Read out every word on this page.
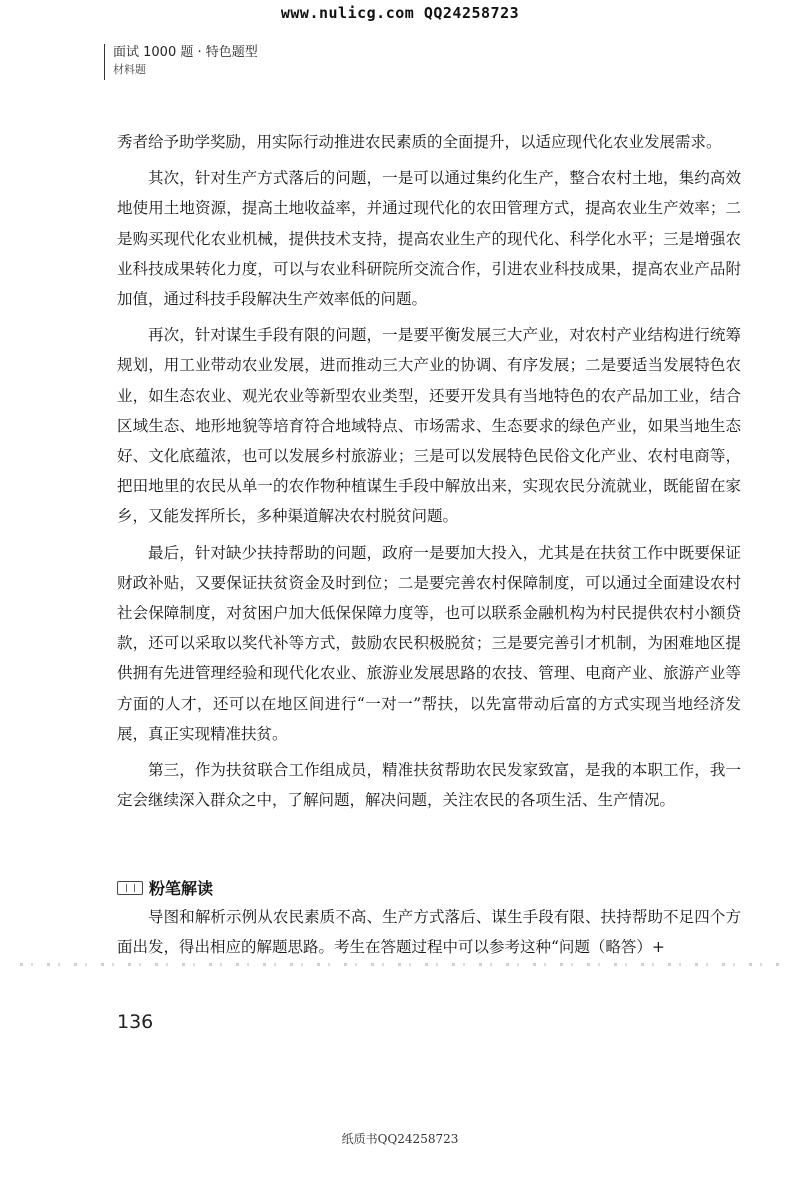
www.nulicg.com QQ24258723
面试 1000 题 · 特色题型
材料题

秀者给予助学奖励，用实际行动推进农民素质的全面提升，以适应现代化农业发展需求。

其次，针对生产方式落后的问题，一是可以通过集约化生产，整合农村土地，集约高效地使用土地资源，提高土地收益率，并通过现代化的农田管理方式，提高农业生产效率；二是购买现代化农业机械，提供技术支持，提高农业生产的现代化、科学化水平；三是增强农业科技成果转化力度，可以与农业科研院所交流合作，引进农业科技成果，提高农业产品附加值，通过科技手段解决生产效率低的问题。

再次，针对谋生手段有限的问题，一是要平衡发展三大产业，对农村产业结构进行统筹规划，用工业带动农业发展，进而推动三大产业的协调、有序发展；二是要适当发展特色农业，如生态农业、观光农业等新型农业类型，还要开发具有当地特色的农产品加工业，结合区域生态、地形地貌等培育符合地域特点、市场需求、生态要求的绿色产业，如果当地生态好、文化底蕴浓，也可以发展乡村旅游业；三是可以发展特色民俗文化产业、农村电商等，把田地里的农民从单一的农作物种植谋生手段中解放出来，实现农民分流就业，既能留在家乡，又能发挥所长，多种渠道解决农村脱贫问题。

最后，针对缺少扶持帮助的问题，政府一是要加大投入，尤其是在扶贫工作中既要保证财政补贴，又要保证扶贫资金及时到位；二是要完善农村保障制度，可以通过全面建设农村社会保障制度，对贫困户加大低保保障力度等，也可以联系金融机构为村民提供农村小额贷款，还可以采取以奖代补等方式，鼓励农民积极脱贫；三是要完善引才机制，为困难地区提供拥有先进管理经验和现代化农业、旅游业发展思路的农技、管理、电商产业、旅游产业等方面的人才，还可以在地区间进行“一对一”帮扶，以先富带动后富的方式实现当地经济发展，真正实现精准扶贫。

第三，作为扶贫联合工作组成员，精准扶贫帮助农民发家致富，是我的本职工作，我一定会继续深入群众之中，了解问题，解决问题，关注农民的各项生活、生产情况。

粉笔解读

导图和解析示例从农民素质不高、生产方式落后、谋生手段有限、扶持帮助不足四个方面出发，得出相应的解题思路。考生在答题过程中可以参考这种“问题（略答）+

136
纸质书QQ24258723
